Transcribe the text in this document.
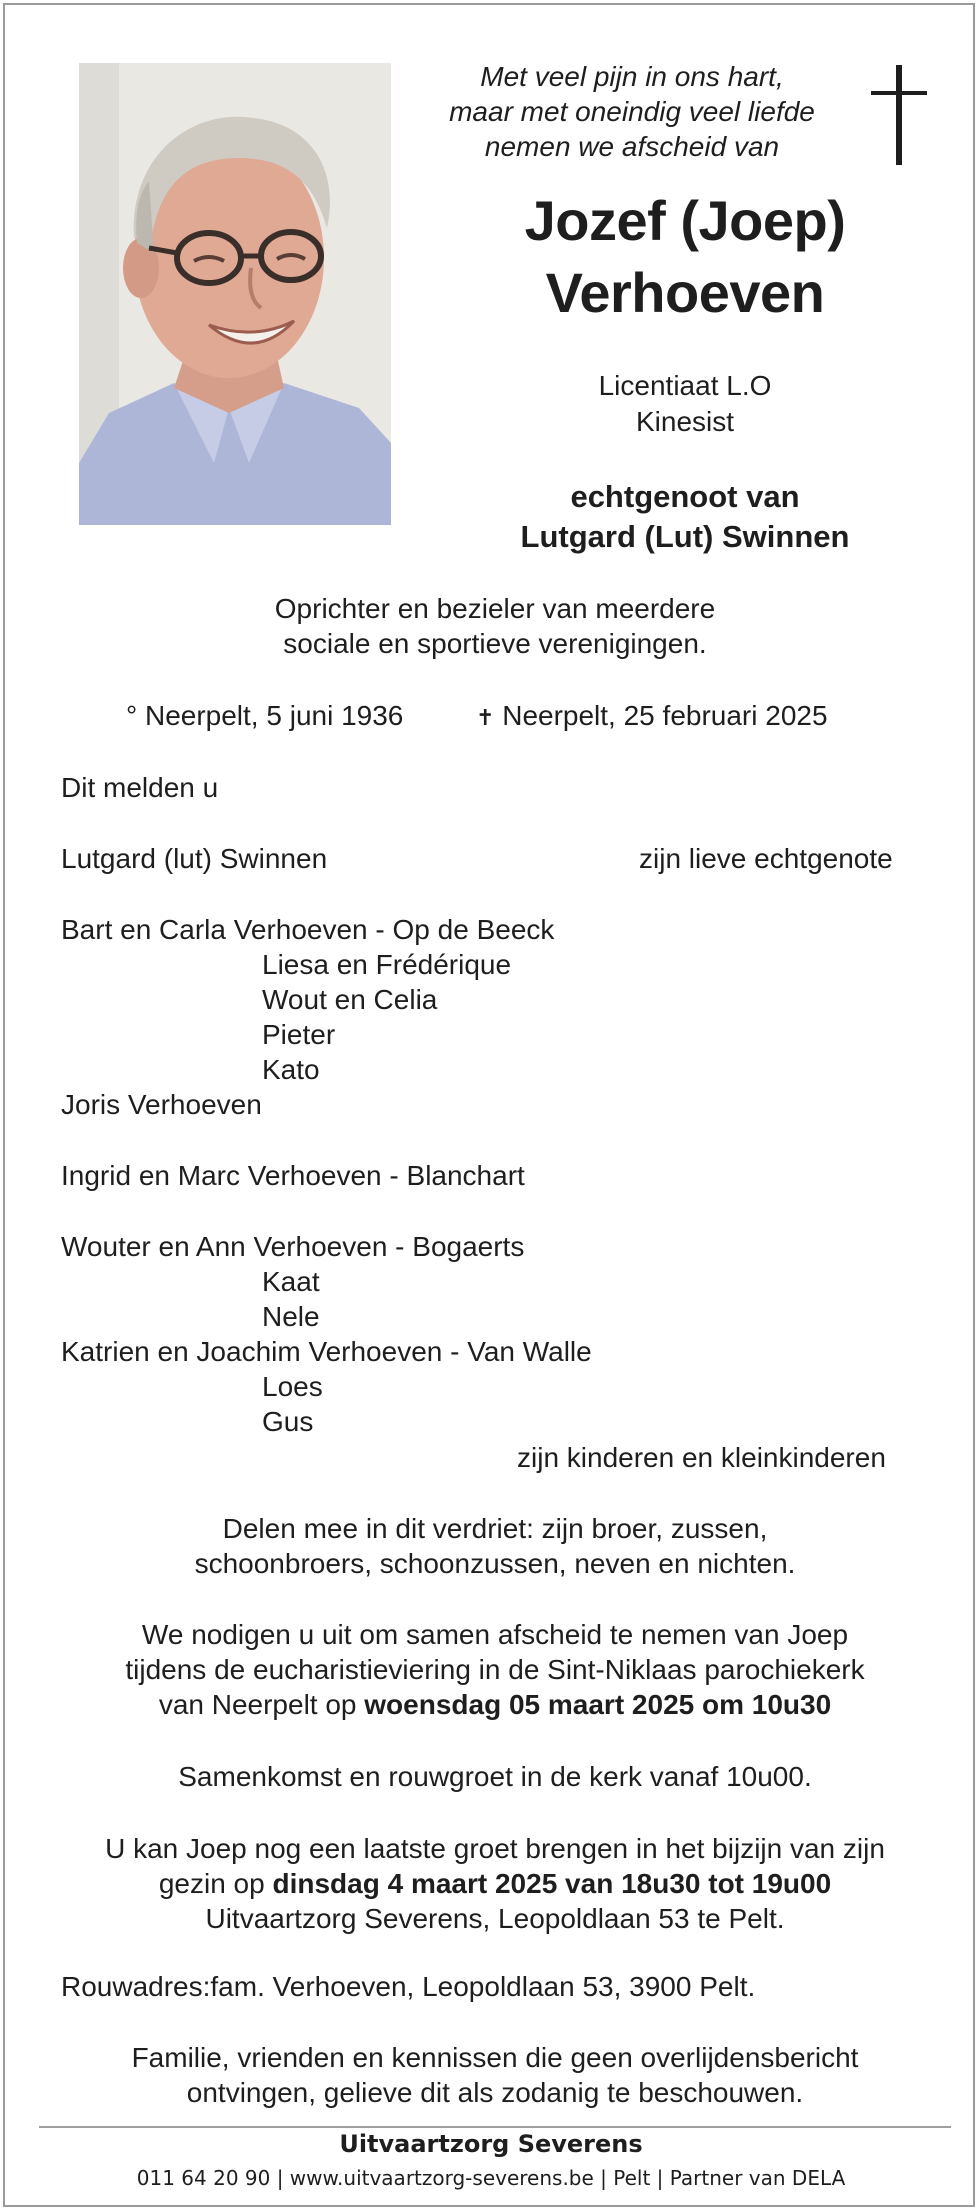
Met veel pijn in ons hart,
maar met oneindig veel liefde
nemen we afscheid van
Jozef (Joep)
Verhoeven
Licentiaat L.O
Kinesist
echtgenoot van
Lutgard (Lut) Swinnen
Oprichter en bezieler van meerdere
sociale en sportieve verenigingen.
° Neerpelt, 5 juni 1936	✝ Neerpelt, 25 februari 2025
Dit melden u
Lutgard (lut) Swinnen	zijn lieve echtgenote
Bart en Carla Verhoeven - Op de Beeck
Liesa en Frédérique
Wout en Celia
Pieter
Kato
Joris Verhoeven
Ingrid en Marc Verhoeven - Blanchart
Wouter en Ann Verhoeven - Bogaerts
Kaat
Nele
Katrien en Joachim Verhoeven - Van Walle
Loes
Gus
zijn kinderen en kleinkinderen
Delen mee in dit verdriet: zijn broer, zussen,
schoonbroers, schoonzussen, neven en nichten.
We nodigen u uit om samen afscheid te nemen van Joep
tijdens de eucharistieviering in de Sint-Niklaas parochiekerk
van Neerpelt op woensdag 05 maart 2025 om 10u30
Samenkomst en rouwgroet in de kerk vanaf 10u00.
U kan Joep nog een laatste groet brengen in het bijzijn van zijn
gezin op dinsdag 4 maart 2025 van 18u30 tot 19u00
Uitvaartzorg Severens, Leopoldlaan 53 te Pelt.
Rouwadres:fam. Verhoeven, Leopoldlaan 53, 3900 Pelt.
Familie, vrienden en kennissen die geen overlijdensbericht
ontvingen, gelieve dit als zodanig te beschouwen.
Uitvaartzorg Severens
011 64 20 90 | www.uitvaartzorg-severens.be | Pelt | Partner van DELA
